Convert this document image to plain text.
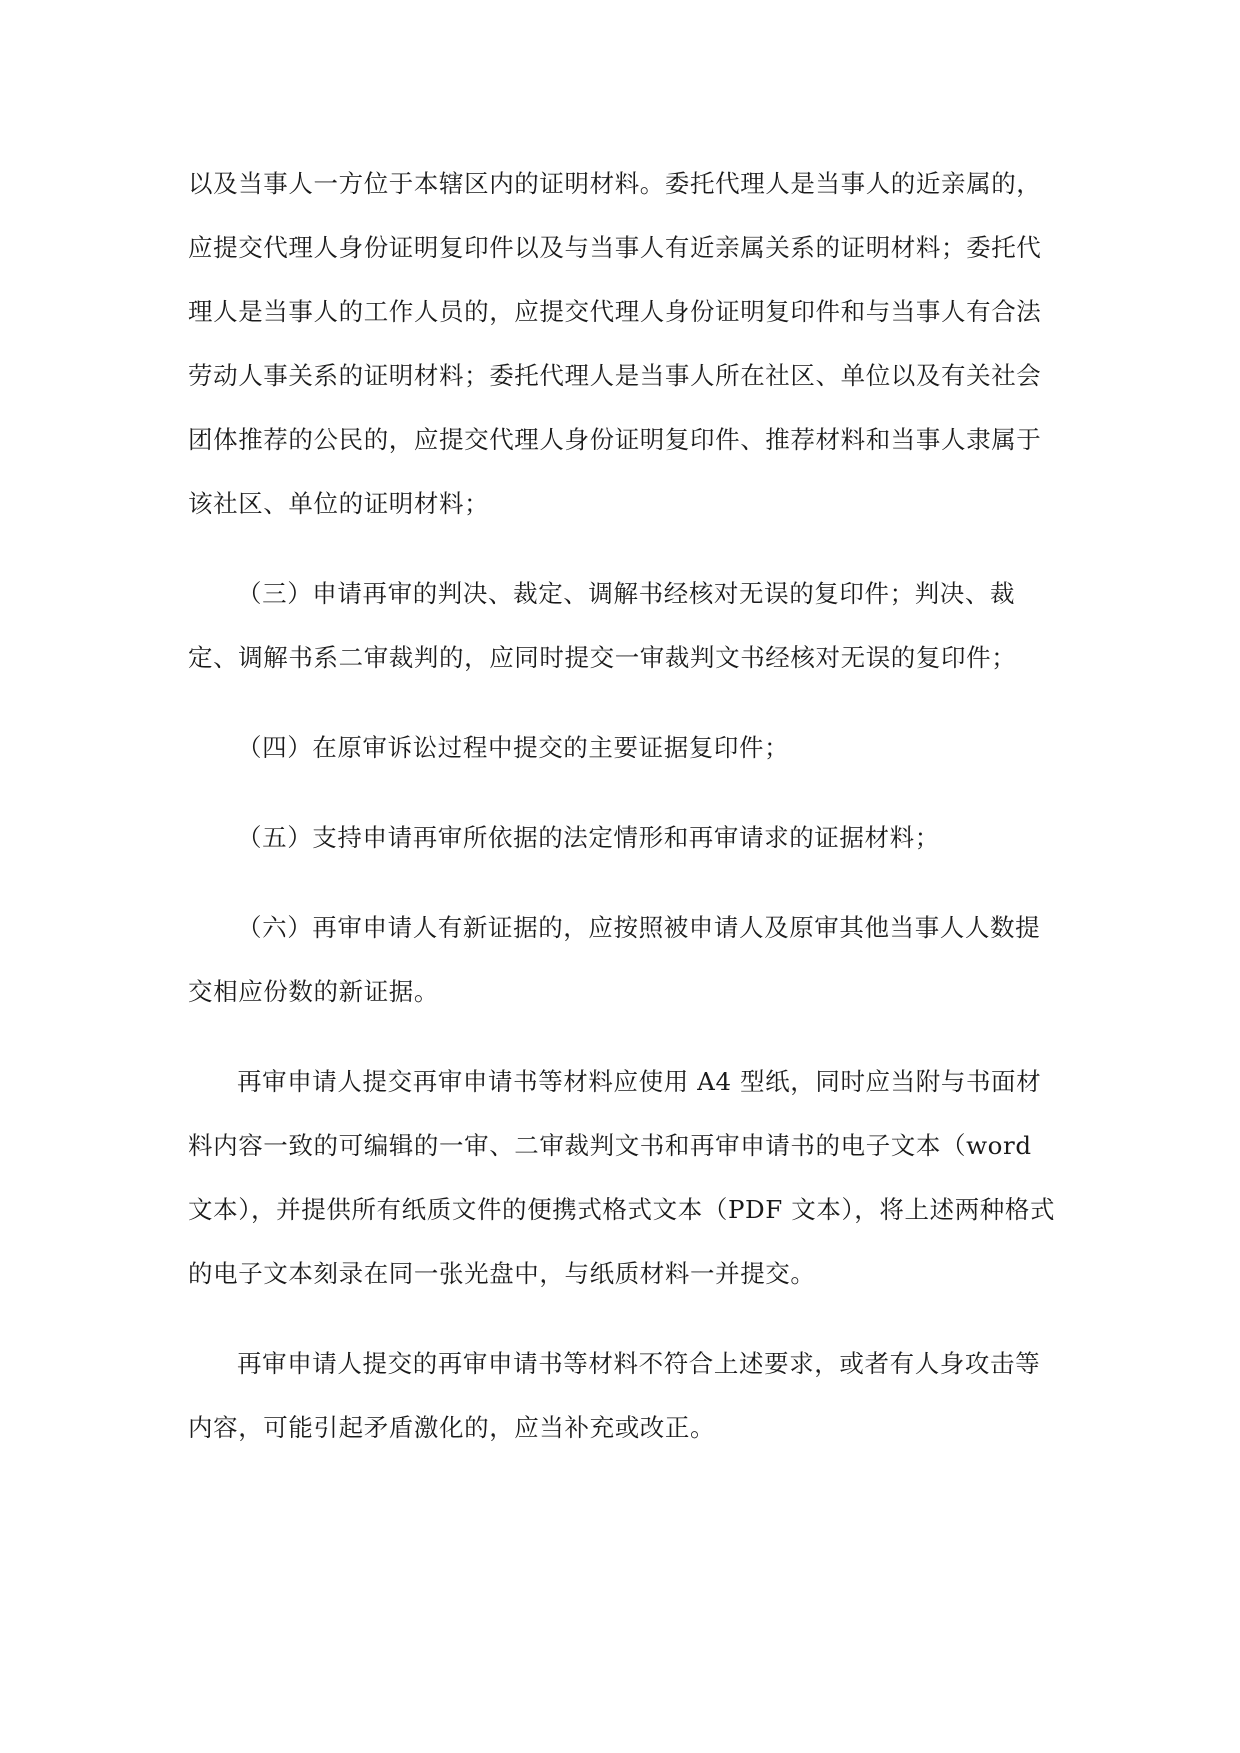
以及当事人一方位于本辖区内的证明材料。委托代理人是当事人的近亲属的，应提交代理人身份证明复印件以及与当事人有近亲属关系的证明材料；委托代理人是当事人的工作人员的，应提交代理人身份证明复印件和与当事人有合法劳动人事关系的证明材料；委托代理人是当事人所在社区、单位以及有关社会团体推荐的公民的，应提交代理人身份证明复印件、推荐材料和当事人隶属于该社区、单位的证明材料；

（三）申请再审的判决、裁定、调解书经核对无误的复印件；判决、裁定、调解书系二审裁判的，应同时提交一审裁判文书经核对无误的复印件；

（四）在原审诉讼过程中提交的主要证据复印件；

（五）支持申请再审所依据的法定情形和再审请求的证据材料；

（六）再审申请人有新证据的，应按照被申请人及原审其他当事人人数提交相应份数的新证据。

再审申请人提交再审申请书等材料应使用 A4 型纸，同时应当附与书面材料内容一致的可编辑的一审、二审裁判文书和再审申请书的电子文本（word 文本），并提供所有纸质文件的便携式格式文本（PDF 文本），将上述两种格式的电子文本刻录在同一张光盘中，与纸质材料一并提交。

再审申请人提交的再审申请书等材料不符合上述要求，或者有人身攻击等内容，可能引起矛盾激化的，应当补充或改正。
